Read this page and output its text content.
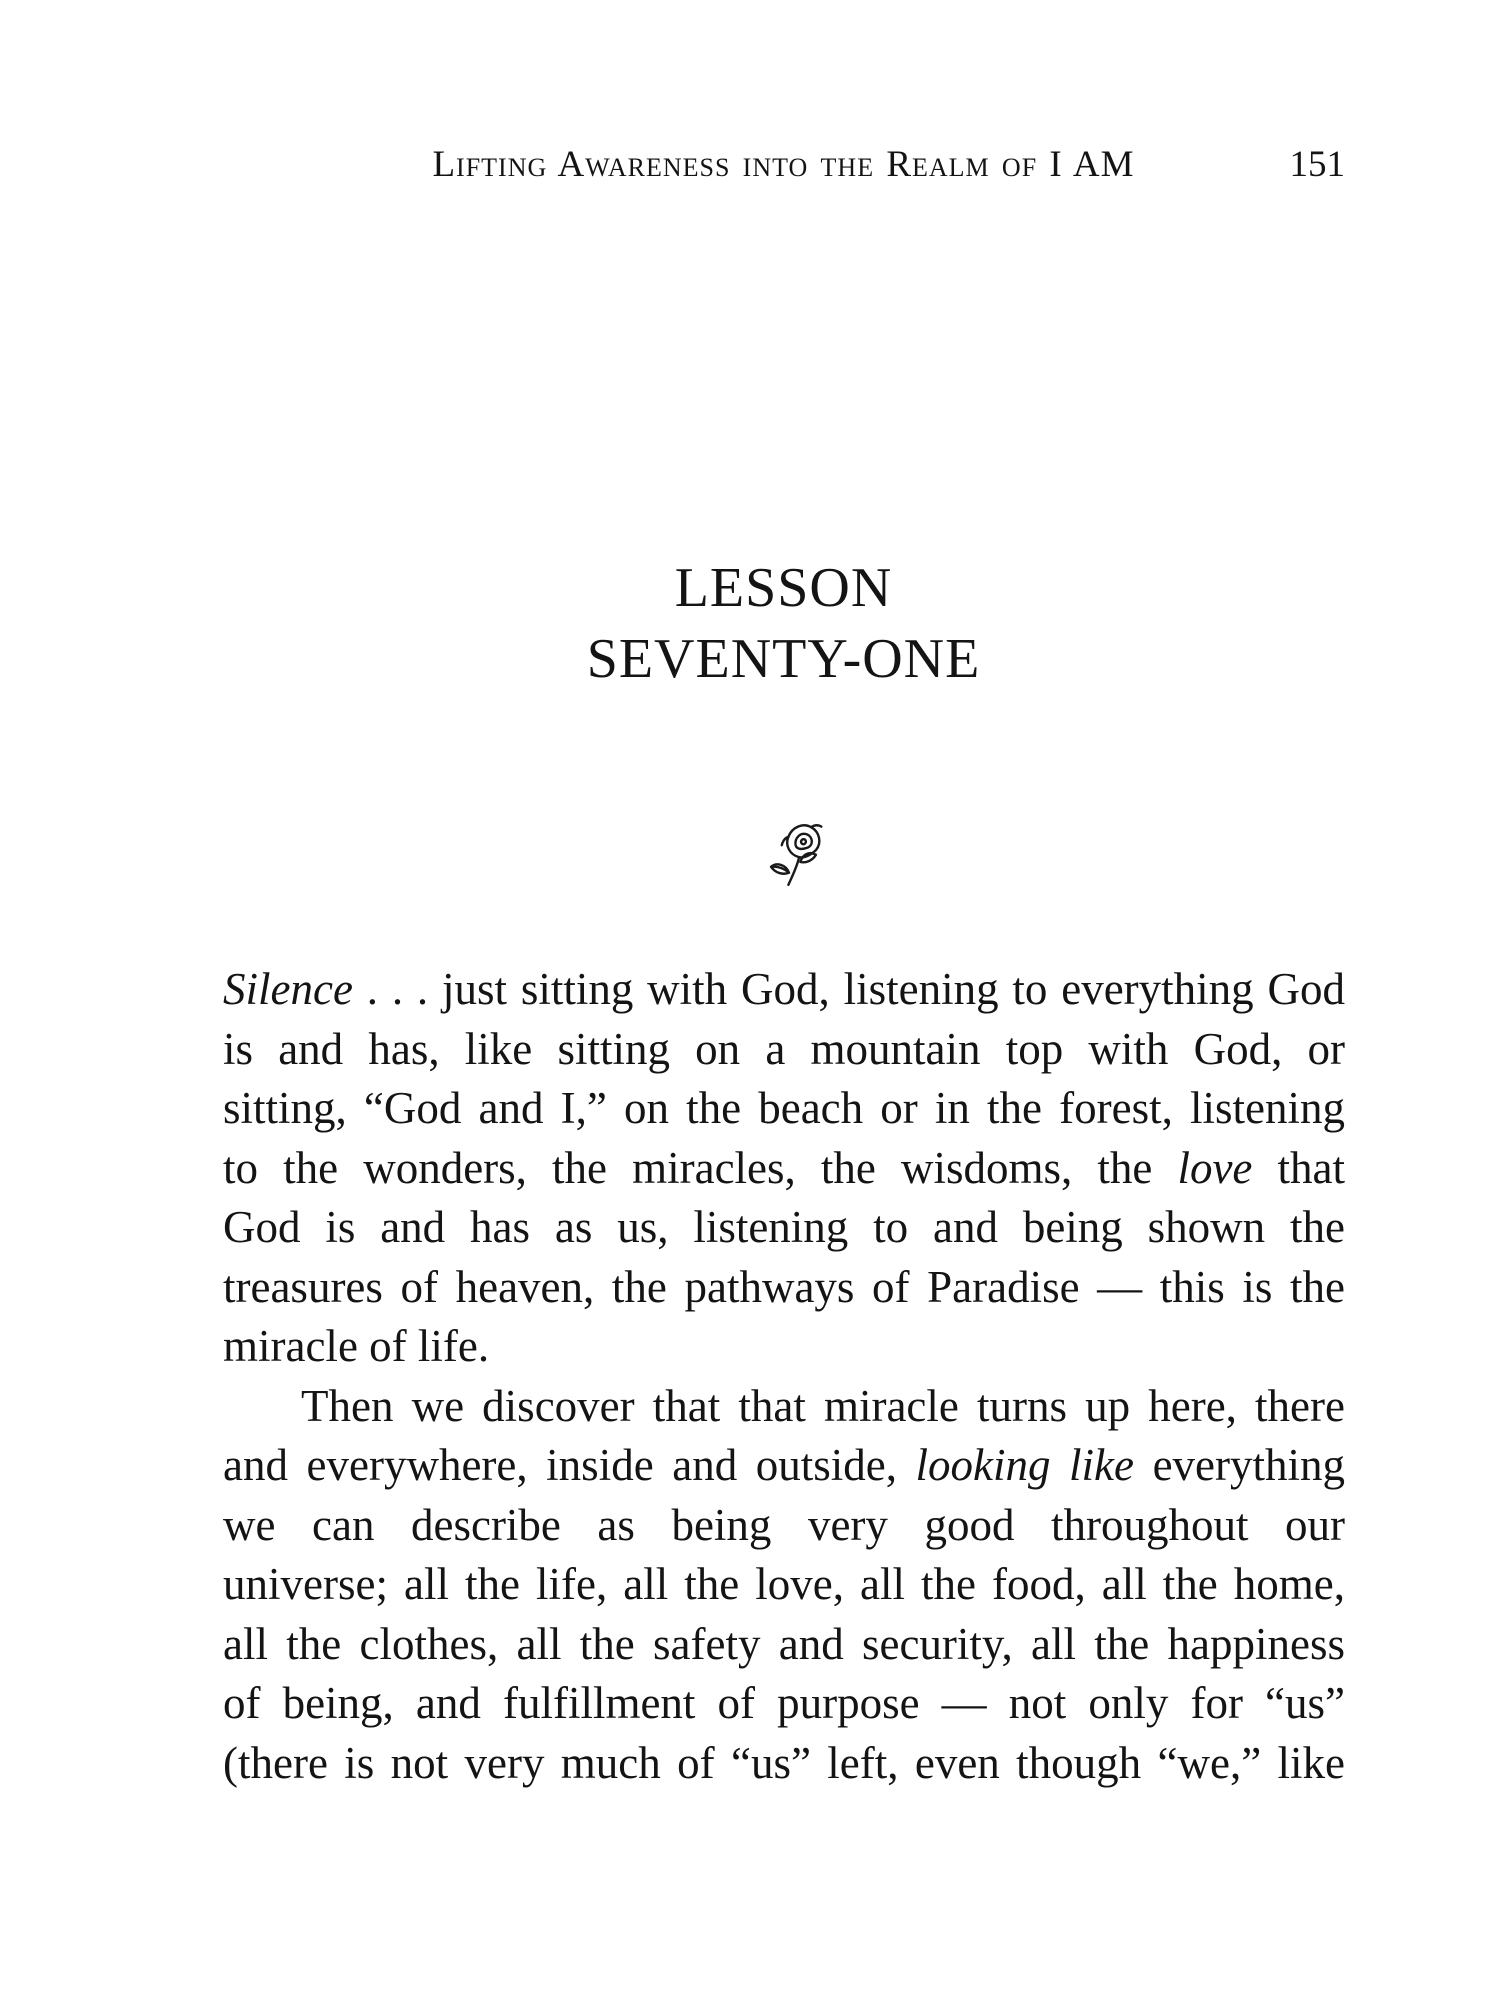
Lifting Awareness into the Realm of I AM	151
LESSON
SEVENTY-ONE
Silence . . . just sitting with God, listening to everything God
is and has, like sitting on a mountain top with God, or
sitting, “God and I,” on the beach or in the forest, listening
to the wonders, the miracles, the wisdoms, the love that
God is and has as us, listening to and being shown the
treasures of heaven, the pathways of Paradise — this is the
miracle of life.
Then we discover that that miracle turns up here, there
and everywhere, inside and outside, looking like everything
we can describe as being very good throughout our
universe; all the life, all the love, all the food, all the home,
all the clothes, all the safety and security, all the happiness
of being, and fulfillment of purpose — not only for “us”
(there is not very much of “us” left, even though “we,” like
